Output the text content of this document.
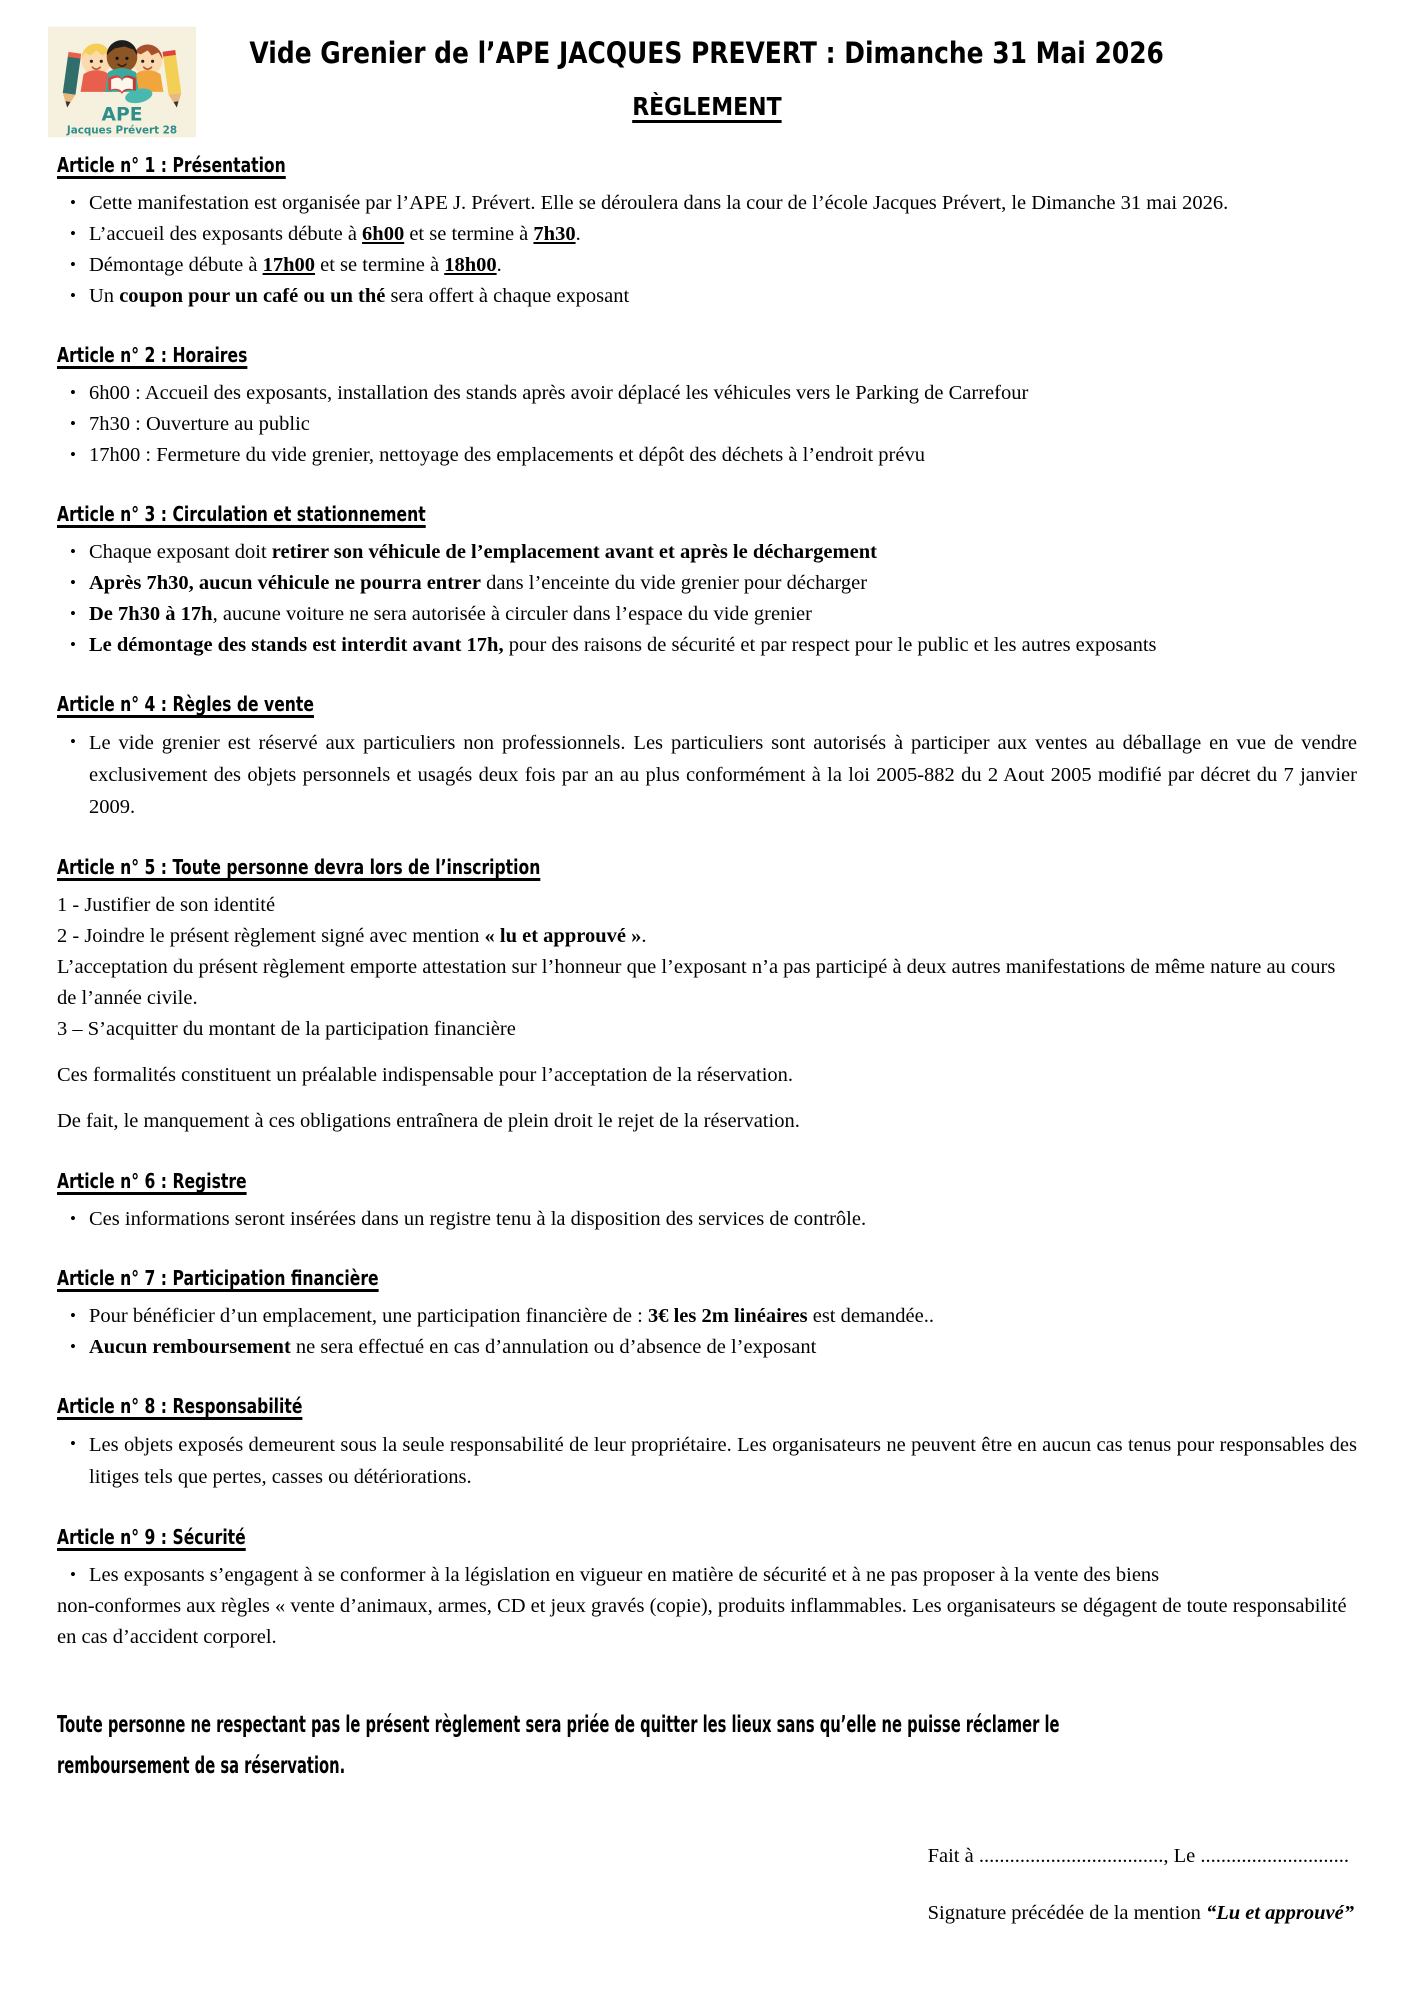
APE
Jacques Prévert 28
Vide Grenier de l’APE JACQUES PREVERT : Dimanche 31 Mai 2026
RÈGLEMENT
Article n° 1 : Présentation
• Cette manifestation est organisée par l’APE J. Prévert. Elle se déroulera dans la cour de l’école Jacques Prévert, le Dimanche 31 mai 2026.
• L’accueil des exposants débute à 6h00 et se termine à 7h30.
• Démontage débute à 17h00 et se termine à 18h00.
• Un coupon pour un café ou un thé sera offert à chaque exposant
Article n° 2 : Horaires
• 6h00 : Accueil des exposants, installation des stands après avoir déplacé les véhicules vers le Parking de Carrefour
• 7h30 : Ouverture au public
• 17h00 : Fermeture du vide grenier, nettoyage des emplacements et dépôt des déchets à l’endroit prévu
Article n° 3 : Circulation et stationnement
• Chaque exposant doit retirer son véhicule de l’emplacement avant et après le déchargement
• Après 7h30, aucun véhicule ne pourra entrer dans l’enceinte du vide grenier pour décharger
• De 7h30 à 17h, aucune voiture ne sera autorisée à circuler dans l’espace du vide grenier
• Le démontage des stands est interdit avant 17h, pour des raisons de sécurité et par respect pour le public et les autres exposants
Article n° 4 : Règles de vente
• Le vide grenier est réservé aux particuliers non professionnels. Les particuliers sont autorisés à participer aux ventes au déballage en vue de vendre exclusivement des objets personnels et usagés deux fois par an au plus conformément à la loi 2005-882 du 2 Aout 2005 modifié par décret du 7 janvier 2009.
Article n° 5 : Toute personne devra lors de l’inscription

1 - Justifier de son identité

2 - Joindre le présent règlement signé avec mention « lu et approuvé ».

L’acceptation du présent règlement emporte attestation sur l’honneur que l’exposant n’a pas participé à deux autres manifestations de même nature au cours de l’année civile.

3 – S’acquitter du montant de la participation financière

Ces formalités constituent un préalable indispensable pour l’acceptation de la réservation.

De fait, le manquement à ces obligations entraînera de plein droit le rejet de la réservation.

Article n° 6 : Registre
• Ces informations seront insérées dans un registre tenu à la disposition des services de contrôle.
Article n° 7 : Participation financière
• Pour bénéficier d’un emplacement, une participation financière de : 3€ les 2m linéaires est demandée..
• Aucun remboursement ne sera effectué en cas d’annulation ou d’absence de l’exposant
Article n° 8 : Responsabilité
• Les objets exposés demeurent sous la seule responsabilité de leur propriétaire. Les organisateurs ne peuvent être en aucun cas tenus pour responsables des litiges tels que pertes, casses ou détériorations.
Article n° 9 : Sécurité
• Les exposants s’engagent à se conformer à la législation en vigueur en matière de sécurité et à ne pas proposer à la vente des biens

non-conformes aux règles « vente d’animaux, armes, CD et jeux gravés (copie), produits inflammables. Les organisateurs se dégagent de toute responsabilité en cas d’accident corporel.

Toute personne ne respectant pas le présent règlement sera priée de quitter les lieux sans qu’elle ne puisse réclamer le
remboursement de sa réservation.
Fait à ...................................., Le .............................
Signature précédée de la mention “Lu et approuvé”
